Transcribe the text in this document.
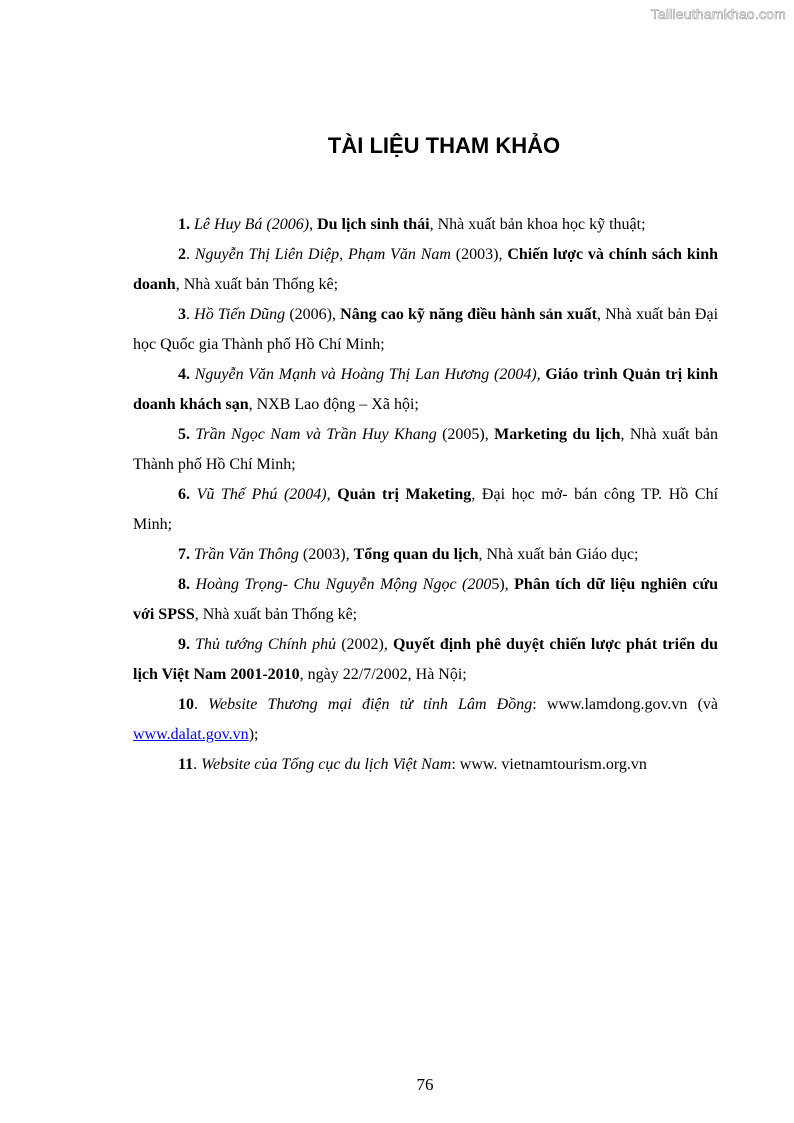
Tailieuthamkhao.com
TÀI LIỆU THAM KHẢO

1. Lê Huy Bá (2006), Du lịch sinh thái, Nhà xuất bản khoa học kỹ thuật;

2. Nguyễn Thị Liên Diệp, Phạm Văn Nam (2003), Chiến lược và chính sách kinh doanh, Nhà xuất bản Thống kê;

3. Hồ Tiến Dũng (2006), Nâng cao kỹ năng điều hành sản xuất, Nhà xuất bản Đại học Quốc gia Thành phố Hồ Chí Minh;

4. Nguyễn Văn Mạnh và Hoàng Thị Lan Hương (2004), Giáo trình Quản trị kinh doanh khách sạn, NXB Lao động – Xã hội;

5. Trần Ngọc Nam và Trần Huy Khang (2005), Marketing du lịch, Nhà xuất bản Thành phố Hồ Chí Minh;

6. Vũ Thế Phú (2004), Quản trị Maketing, Đại học mở- bán công TP. Hồ Chí Minh;

7. Trần Văn Thông (2003), Tổng quan du lịch, Nhà xuất bản Giáo dục;

8. Hoàng Trọng- Chu Nguyễn Mộng Ngọc (2005), Phân tích dữ liệu nghiên cứu với SPSS, Nhà xuất bản Thống kê;

9. Thủ tướng Chính phủ (2002), Quyết định phê duyệt chiến lược phát triển du lịch Việt Nam 2001-2010, ngày 22/7/2002, Hà Nội;

10. Website Thương mại điện tử tỉnh Lâm Đồng: www.lamdong.gov.vn (và www.dalat.gov.vn);

11. Website của Tổng cục du lịch Việt Nam: www. vietnamtourism.org.vn

76
